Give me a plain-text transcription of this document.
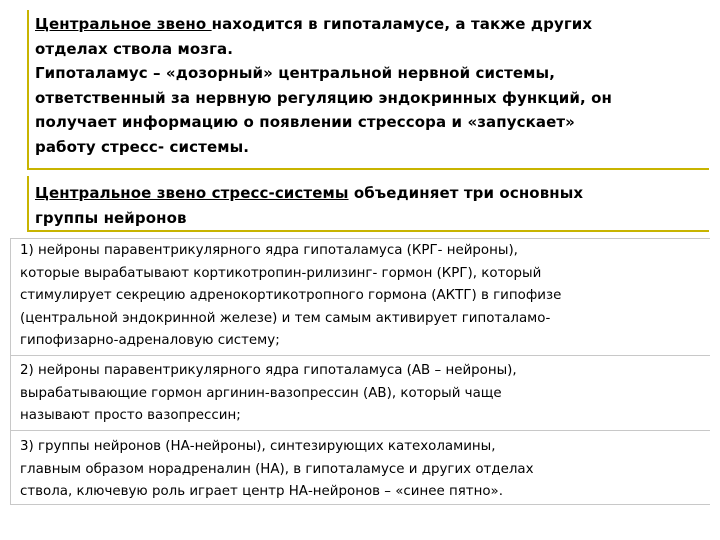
Центральное звено находится в гипоталамусе, а также других
отделах ствола мозга.
Гипоталамус – «дозорный» центральной нервной системы,
ответственный за нервную регуляцию эндокринных функций, он
получает информацию о появлении стрессора и «запускает»
работу стресс- системы.
Центральное звено стресс-системы объединяет три основных
группы нейронов
1) нейроны паравентрикулярного ядра гипоталамуса (КРГ- нейроны),
которые вырабатывают кортикотропин-рилизинг- гормон (КРГ), который
стимулирует секрецию адренокортикотропного гормона (АКТГ) в гипофизе
(центральной эндокринной железе) и тем самым активирует гипоталамо-
гипофизарно-адреналовую систему;
2) нейроны паравентрикулярного ядра гипоталамуса (АВ – нейроны),
вырабатывающие гормон аргинин-вазопрессин (АВ), который чаще
называют просто вазопрессин;
3) группы нейронов (НА-нейроны), синтезирующих катехоламины,
главным образом норадреналин (НА), в гипоталамусе и других отделах
ствола, ключевую роль играет центр НА-нейронов – «синее пятно».
